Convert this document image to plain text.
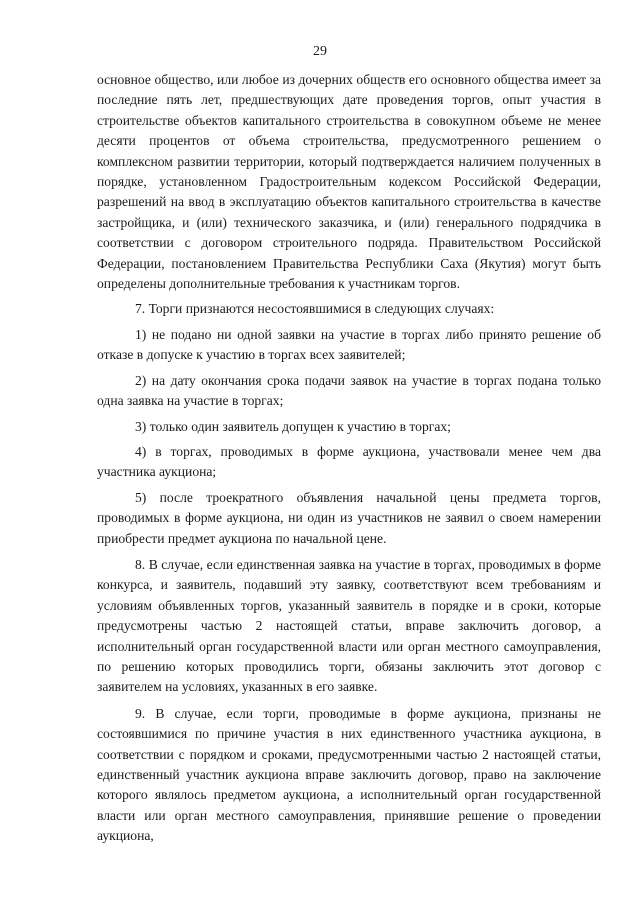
29

основное общество, или любое из дочерних обществ его основного общества имеет за последние пять лет, предшествующих дате проведения торгов, опыт участия в строительстве объектов капитального строительства в совокупном объеме не менее десяти процентов от объема строительства, предусмотренного решением о комплексном развитии территории, который подтверждается наличием полученных в порядке, установленном Градостроительным кодексом Российской Федерации, разрешений на ввод в эксплуатацию объектов капитального строительства в качестве застройщика, и (или) технического заказчика, и (или) генерального подрядчика в соответствии с договором строительного подряда. Правительством Российской Федерации, постановлением Правительства Республики Саха (Якутия) могут быть определены дополнительные требования к участникам торгов.

7. Торги признаются несостоявшимися в следующих случаях:

1) не подано ни одной заявки на участие в торгах либо принято решение об отказе в допуске к участию в торгах всех заявителей;

2) на дату окончания срока подачи заявок на участие в торгах подана только одна заявка на участие в торгах;

3) только один заявитель допущен к участию в торгах;

4) в торгах, проводимых в форме аукциона, участвовали менее чем два участника аукциона;

5) после троекратного объявления начальной цены предмета торгов, проводимых в форме аукциона, ни один из участников не заявил о своем намерении приобрести предмет аукциона по начальной цене.

8. В случае, если единственная заявка на участие в торгах, проводимых в форме конкурса, и заявитель, подавший эту заявку, соответствуют всем требованиям и условиям объявленных торгов, указанный заявитель в порядке и в сроки, которые предусмотрены частью 2 настоящей статьи, вправе заключить договор, а исполнительный орган государственной власти или орган местного самоуправления, по решению которых проводились торги, обязаны заключить этот договор с заявителем на условиях, указанных в его заявке.

9. В случае, если торги, проводимые в форме аукциона, признаны не состоявшимися по причине участия в них единственного участника аукциона, в соответствии с порядком и сроками, предусмотренными частью 2 настоящей статьи, единственный участник аукциона вправе заключить договор, право на заключение которого являлось предметом аукциона, а исполнительный орган государственной власти или орган местного самоуправления, принявшие решение о проведении аукциона,
